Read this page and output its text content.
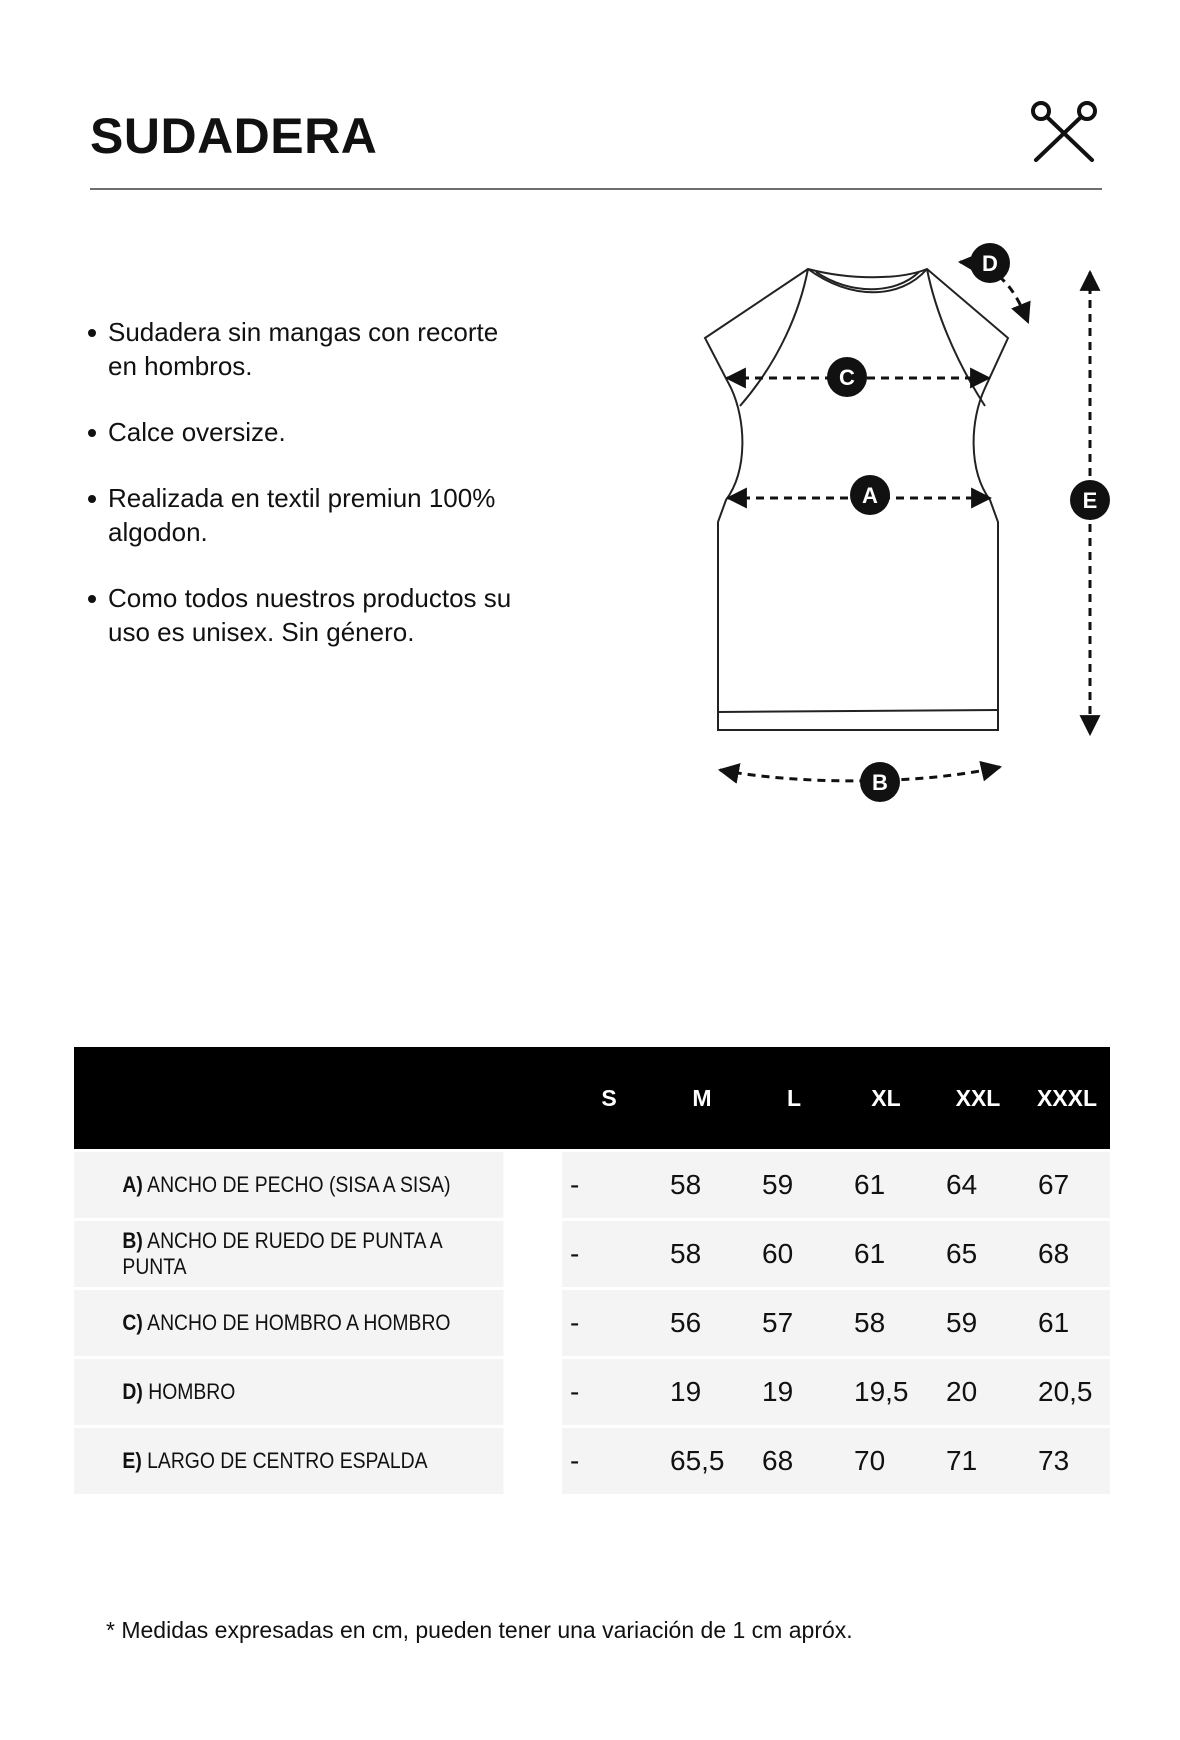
SUDADERA
Sudadera sin mangas con recorte en hombros.
Calce oversize.
Realizada en textil premiun 100% algodon.
Como todos nuestros productos su uso es unisex. Sin género.
A
B
C
D
E
	S	M	L	XL	XXL	XXXL
A) ANCHO DE PECHO (SISA A SISA)	-	58	59	61	64	67
B) ANCHO DE RUEDO DE PUNTA A PUNTA	-	58	60	61	65	68
C) ANCHO DE HOMBRO A HOMBRO	-	56	57	58	59	61
D) HOMBRO	-	19	19	19,5	20	20,5
E) LARGO DE CENTRO ESPALDA	-	65,5	68	70	71	73

* Medidas expresadas en cm, pueden tener una variación de 1 cm apróx.
